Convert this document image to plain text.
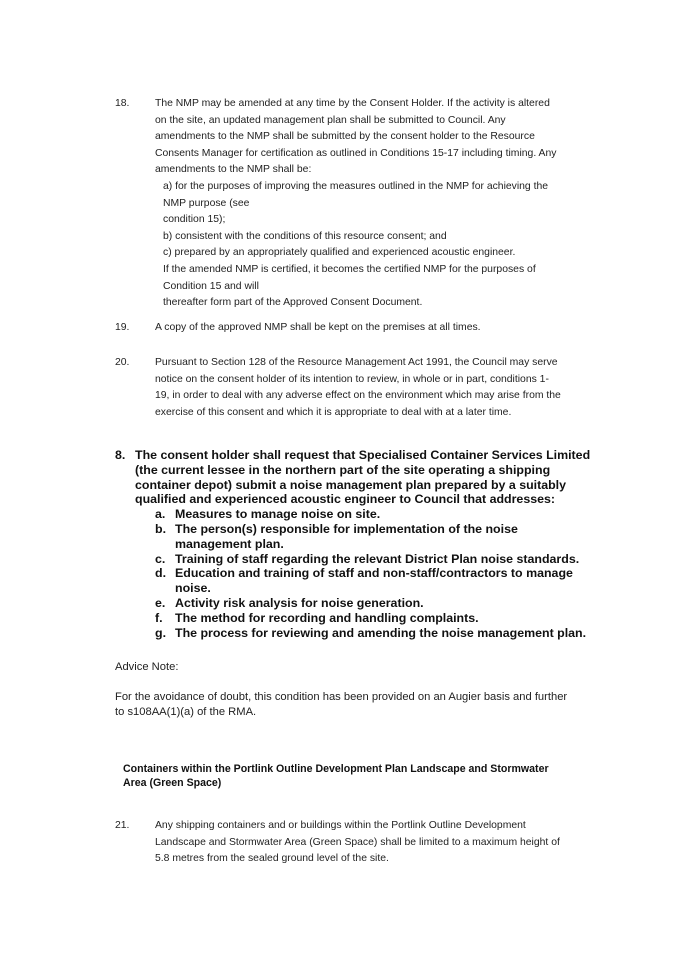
18. The NMP may be amended at any time by the Consent Holder. If the activity is altered
on the site, an updated management plan shall be submitted to Council. Any
amendments to the NMP shall be submitted by the consent holder to the Resource
Consents Manager for certification as outlined in Conditions 15-17 including timing. Any
amendments to the NMP shall be:
a) for the purposes of improving the measures outlined in the NMP for achieving the
NMP purpose (see
condition 15);
b) consistent with the conditions of this resource consent; and
c) prepared by an appropriately qualified and experienced acoustic engineer.
If the amended NMP is certified, it becomes the certified NMP for the purposes of
Condition 15 and will
thereafter form part of the Approved Consent Document.
19. A copy of the approved NMP shall be kept on the premises at all times.
20. Pursuant to Section 128 of the Resource Management Act 1991, the Council may serve
notice on the consent holder of its intention to review, in whole or in part, conditions 1-
19, in order to deal with any adverse effect on the environment which may arise from the
exercise of this consent and which it is appropriate to deal with at a later time.
8. The consent holder shall request that Specialised Container Services Limited
(the current lessee in the northern part of the site operating a shipping
container depot) submit a noise management plan prepared by a suitably
qualified and experienced acoustic engineer to Council that addresses:
a. Measures to manage noise on site.
b. The person(s) responsible for implementation of the noise
management plan.
c. Training of staff regarding the relevant District Plan noise standards.
d. Education and training of staff and non-staff/contractors to manage
noise.
e. Activity risk analysis for noise generation.
f. The method for recording and handling complaints.
g. The process for reviewing and amending the noise management plan.
Advice Note:
For the avoidance of doubt, this condition has been provided on an Augier basis and further
to s108AA(1)(a) of the RMA.
Containers within the Portlink Outline Development Plan Landscape and Stormwater
Area (Green Space)
21. Any shipping containers and or buildings within the Portlink Outline Development
Landscape and Stormwater Area (Green Space) shall be limited to a maximum height of
5.8 metres from the sealed ground level of the site.
